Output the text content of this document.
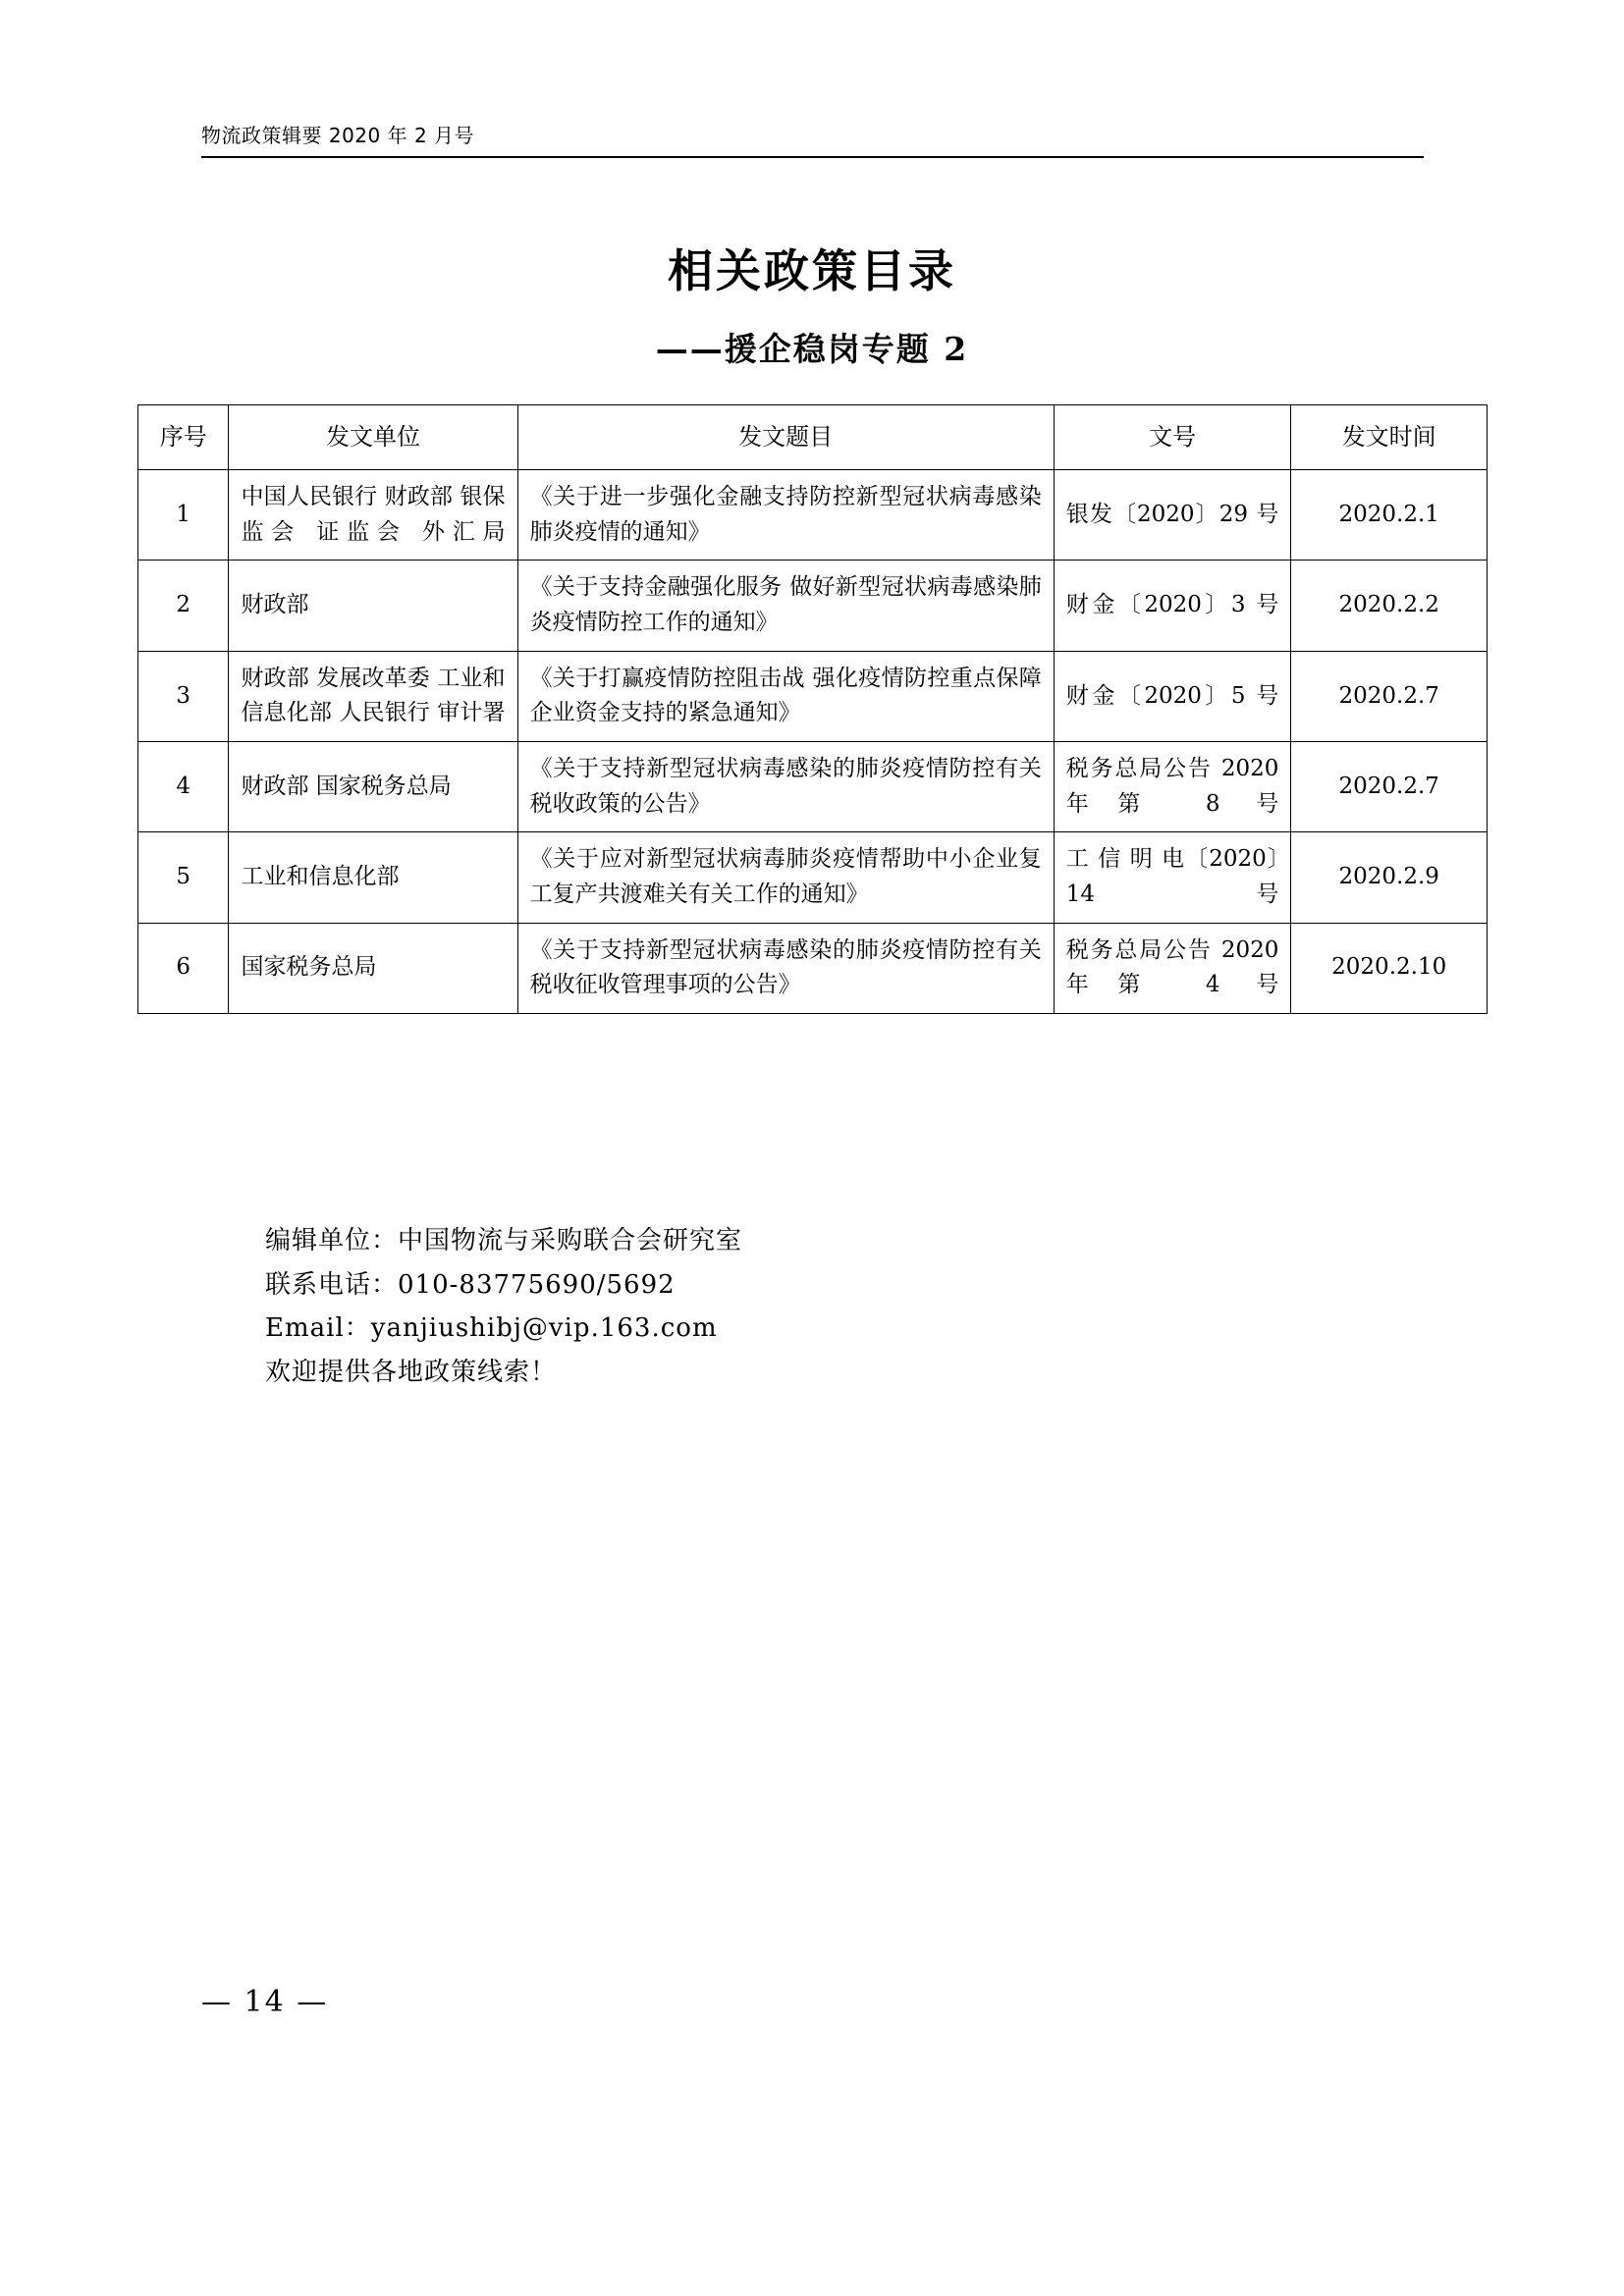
物流政策辑要 2020 年 2 月号
相关政策目录
——援企稳岗专题 2
序号	发文单位	发文题目	文号	发文时间
1	中国人民银行 财政部 银保监会 证监会 外汇局	《关于进一步强化金融支持防控新型冠状病毒感染肺炎疫情的通知》	银发〔2020〕29 号	2020.2.1
2	财政部	《关于支持金融强化服务 做好新型冠状病毒感染肺炎疫情防控工作的通知》	财金〔2020〕3 号	2020.2.2
3	财政部 发展改革委 工业和信息化部 人民银行 审计署	《关于打赢疫情防控阻击战 强化疫情防控重点保障企业资金支持的紧急通知》	财金〔2020〕5 号	2020.2.7
4	财政部 国家税务总局	《关于支持新型冠状病毒感染的肺炎疫情防控有关税收政策的公告》	税务总局公告 2020 年第 8 号	2020.2.7
5	工业和信息化部	《关于应对新型冠状病毒肺炎疫情帮助中小企业复工复产共渡难关有关工作的通知》	工 信 明 电〔2020〕14 号	2020.2.9
6	国家税务总局	《关于支持新型冠状病毒感染的肺炎疫情防控有关税收征收管理事项的公告》	税务总局公告 2020 年第 4 号	2020.2.10
编辑单位：中国物流与采购联合会研究室
联系电话：010-83775690/5692
Email：yanjiushibj@vip.163.com
欢迎提供各地政策线索！
— 14 —
